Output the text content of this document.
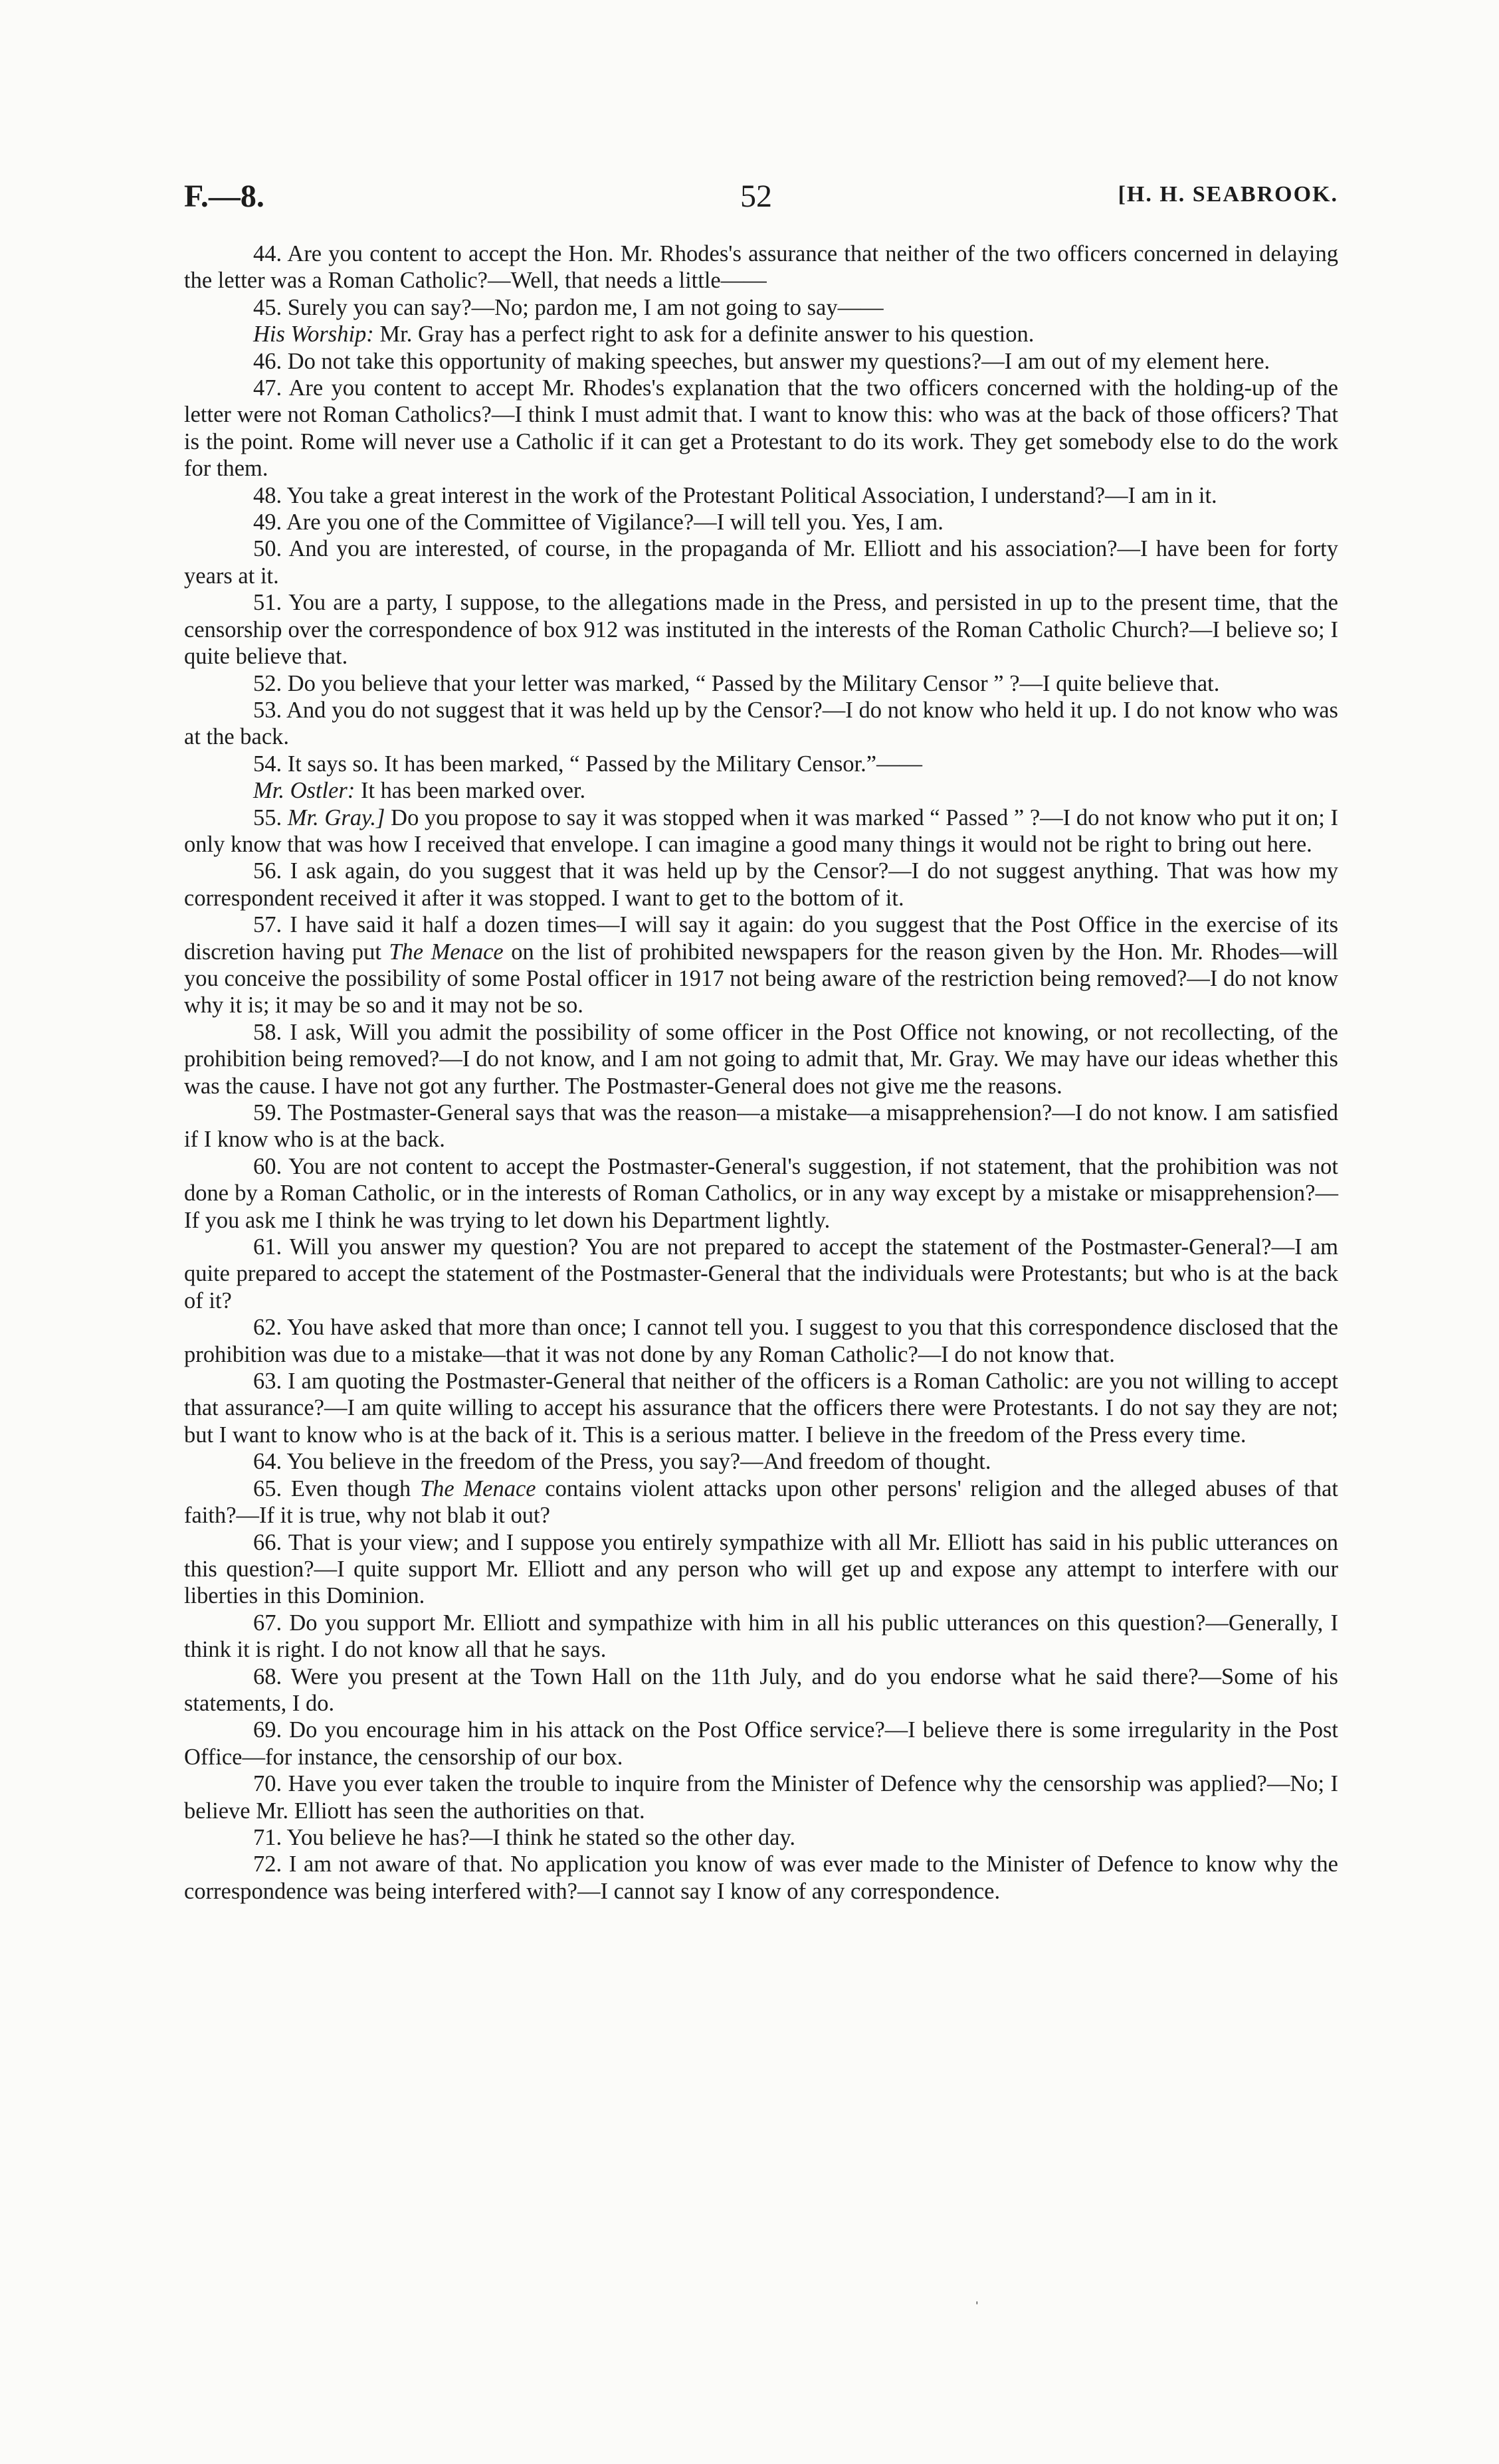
F.—8.	52	[H. H. SEABROOK.

44. Are you content to accept the Hon. Mr. Rhodes's assurance that neither of the two officers concerned in delaying the letter was a Roman Catholic?—Well, that needs a little——

45. Surely you can say?—No; pardon me, I am not going to say——

His Worship: Mr. Gray has a perfect right to ask for a definite answer to his question.

46. Do not take this opportunity of making speeches, but answer my questions?—I am out of my element here.

47. Are you content to accept Mr. Rhodes's explanation that the two officers concerned with the holding-up of the letter were not Roman Catholics?—I think I must admit that. I want to know this: who was at the back of those officers? That is the point. Rome will never use a Catholic if it can get a Protestant to do its work. They get somebody else to do the work for them.

48. You take a great interest in the work of the Protestant Political Association, I understand?—I am in it.

49. Are you one of the Committee of Vigilance?—I will tell you. Yes, I am.

50. And you are interested, of course, in the propaganda of Mr. Elliott and his association?—I have been for forty years at it.

51. You are a party, I suppose, to the allegations made in the Press, and persisted in up to the present time, that the censorship over the correspondence of box 912 was instituted in the interests of the Roman Catholic Church?—I believe so; I quite believe that.

52. Do you believe that your letter was marked, “ Passed by the Military Censor ” ?—I quite believe that.

53. And you do not suggest that it was held up by the Censor?—I do not know who held it up. I do not know who was at the back.

54. It says so. It has been marked, “ Passed by the Military Censor.”——

Mr. Ostler: It has been marked over.

55. Mr. Gray.] Do you propose to say it was stopped when it was marked “ Passed ” ?—I do not know who put it on; I only know that was how I received that envelope. I can imagine a good many things it would not be right to bring out here.

56. I ask again, do you suggest that it was held up by the Censor?—I do not suggest anything. That was how my correspondent received it after it was stopped. I want to get to the bottom of it.

57. I have said it half a dozen times—I will say it again: do you suggest that the Post Office in the exercise of its discretion having put The Menace on the list of prohibited newspapers for the reason given by the Hon. Mr. Rhodes—will you conceive the possibility of some Postal officer in 1917 not being aware of the restriction being removed?—I do not know why it is; it may be so and it may not be so.

58. I ask, Will you admit the possibility of some officer in the Post Office not knowing, or not recollecting, of the prohibition being removed?—I do not know, and I am not going to admit that, Mr. Gray. We may have our ideas whether this was the cause. I have not got any further. The Postmaster-General does not give me the reasons.

59. The Postmaster-General says that was the reason—a mistake—a misapprehension?—I do not know. I am satisfied if I know who is at the back.

60. You are not content to accept the Postmaster-General's suggestion, if not statement, that the prohibition was not done by a Roman Catholic, or in the interests of Roman Catholics, or in any way except by a mistake or misapprehension?—If you ask me I think he was trying to let down his Department lightly.

61. Will you answer my question? You are not prepared to accept the statement of the Postmaster-General?—I am quite prepared to accept the statement of the Postmaster-General that the individuals were Protestants; but who is at the back of it?

62. You have asked that more than once; I cannot tell you. I suggest to you that this correspondence disclosed that the prohibition was due to a mistake—that it was not done by any Roman Catholic?—I do not know that.

63. I am quoting the Postmaster-General that neither of the officers is a Roman Catholic: are you not willing to accept that assurance?—I am quite willing to accept his assurance that the officers there were Protestants. I do not say they are not; but I want to know who is at the back of it. This is a serious matter. I believe in the freedom of the Press every time.

64. You believe in the freedom of the Press, you say?—And freedom of thought.

65. Even though The Menace contains violent attacks upon other persons' religion and the alleged abuses of that faith?—If it is true, why not blab it out?

66. That is your view; and I suppose you entirely sympathize with all Mr. Elliott has said in his public utterances on this question?—I quite support Mr. Elliott and any person who will get up and expose any attempt to interfere with our liberties in this Dominion.

67. Do you support Mr. Elliott and sympathize with him in all his public utterances on this question?—Generally, I think it is right. I do not know all that he says.

68. Were you present at the Town Hall on the 11th July, and do you endorse what he said there?—Some of his statements, I do.

69. Do you encourage him in his attack on the Post Office service?—I believe there is some irregularity in the Post Office—for instance, the censorship of our box.

70. Have you ever taken the trouble to inquire from the Minister of Defence why the censorship was applied?—No; I believe Mr. Elliott has seen the authorities on that.

71. You believe he has?—I think he stated so the other day.

72. I am not aware of that. No application you know of was ever made to the Minister of Defence to know why the correspondence was being interfered with?—I cannot say I know of any correspondence.

ˈ
